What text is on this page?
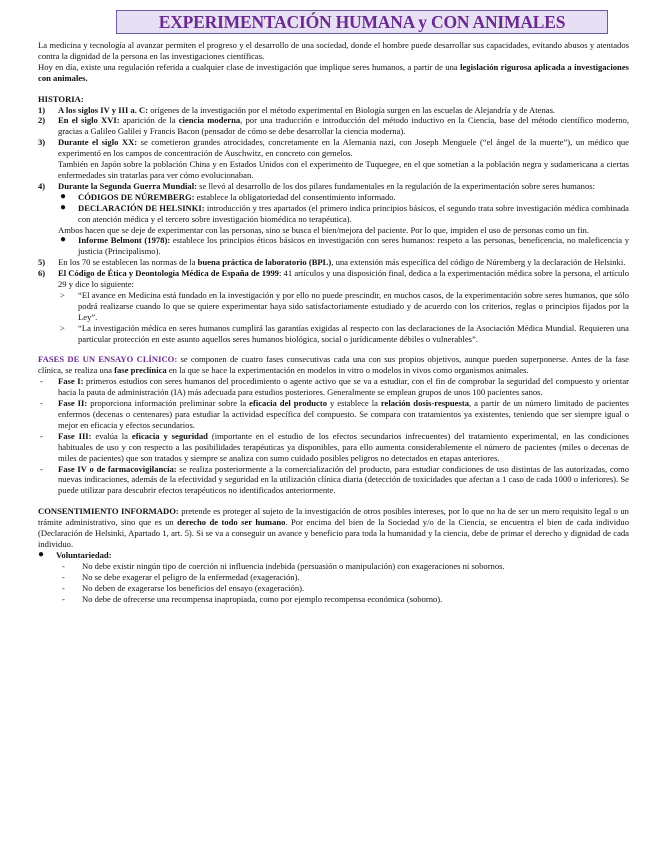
EXPERIMENTACIÓN HUMANA y CON ANIMALES

La medicina y tecnología al avanzar permiten el progreso y el desarrollo de una sociedad, donde el hombre puede desarrollar sus capacidades, evitando abusos y atentados contra la dignidad de la persona en las investigaciones científicas.

Hoy en día, existe una regulación referida a cualquier clase de investigación que implique seres humanos, a partir de una legislación rigurosa aplicada a investigaciones con animales.

HISTORIA:

1)	A los siglos IV y III a. C: orígenes de la investigación por el método experimental en Biología surgen en las escuelas de Alejandría y de Atenas.
2)	En el siglo XVI: aparición de la ciencia moderna, por una traducción e introducción del método inductivo en la Ciencia, base del método científico moderno, gracias a Galileo Galilei y Francis Bacon (pensador de cómo se debe desarrollar la ciencia moderna).
3)	Durante el siglo XX: se cometieron grandes atrocidades, concretamente en la Alemania nazi, con Joseph Menguele (“el ángel de la muerte”), un médico que experimentó en los campos de concentración de Auschwitz, en concreto con gemelos.

También en Japón sobre la población China y en Estados Unidos con el experimento de Tuquegee, en el que sometían a la población negra y sudamericana a ciertas enfermedades sin tratarlas para ver cómo evolucionaban.

4)	Durante la Segunda Guerra Mundial: se llevó al desarrollo de los dos pilares fundamentales en la regulación de la experimentación sobre seres humanos:
●	CÓDIGOS DE NÚREMBERG: establece la obligatoriedad del consentimiento informado.
●	DECLARACIÓN DE HELSINKI: introducción y tres apartados (el primero indica principios básicos, el segundo trata sobre investigación médica combinada con atención médica y el tercero sobre investigación biomédica no terapéutica).

Ambos hacen que se deje de experimentar con las personas, sino se busca el bien/mejora del paciente. Por lo que, impiden el uso de personas como un fin.

●	Informe Belmont (1978): establece los principios éticos básicos en investigación con seres humanos: respeto a las personas, beneficencia, no maleficencia y justicia (Principalismo).
5)	En los 70 se establecen las normas de la buena práctica de laboratorio (BPL), una extensión más específica del código de Núremberg y la declaración de Helsinki.
6)	El Código de Ética y Deontología Médica de España de 1999: 41 artículos y una disposición final, dedica a la experimentación médica sobre la persona, el artículo 29 y dice lo siguiente:
>	“El avance en Medicina está fundado en la investigación y por ello no puede prescindir, en muchos casos, de la experimentación sobre seres humanos, que sólo podrá realizarse cuando lo que se quiere experimentar haya sido satisfactoriamente estudiado y de acuerdo con los criterios, reglas o principios fijados por la Ley”.
>	“La investigación médica en seres humanos cumplirá las garantías exigidas al respecto con las declaraciones de la Asociación Médica Mundial. Requieren una particular protección en este asunto aquellos seres humanos biológica, social o jurídicamente débiles o vulnerables”.

FASES DE UN ENSAYO CLÍNICO: se componen de cuatro fases consecutivas cada una con sus propios objetivos, aunque pueden superponerse. Antes de la fase clínica, se realiza una fase preclínica en la que se hace la experimentación en modelos in vitro o modelos in vivos como organismos animales.

-	Fase I: primeros estudios con seres humanos del procedimiento o agente activo que se va a estudiar, con el fin de comprobar la seguridad del compuesto y orientar hacia la pauta de administración (IA) más adecuada para estudios posteriores. Generalmente se emplean grupos de unos 100 pacientes sanos.
-	Fase II: proporciona información preliminar sobre la eficacia del producto y establece la relación dosis-respuesta, a partir de un número limitado de pacientes enfermos (decenas o centenares) para estudiar la actividad específica del compuesto. Se compara con tratamientos ya existentes, teniendo que ser siempre igual o mejor en eficacia y efectos secundarios.
-	Fase III: evalúa la eficacia y seguridad (importante en el estudio de los efectos secundarios infrecuentes) del tratamiento experimental, en las condiciones habituales de uso y con respecto a las posibilidades terapéuticas ya disponibles, para ello aumenta considerablemente el número de pacientes (miles o decenas de miles de pacientes) que son tratados y siempre se analiza con sumo cuidado posibles peligros no detectados en etapas anteriores.
-	Fase IV o de farmacovigilancia: se realiza posteriormente a la comercialización del producto, para estudiar condiciones de uso distintas de las autorizadas, como nuevas indicaciones, además de la efectividad y seguridad en la utilización clínica diaria (detección de toxicidades que afectan a 1 caso de cada 1000 o inferiores). Se puede utilizar para descubrir efectos terapéuticos no identificados anteriormente.

CONSENTIMIENTO INFORMADO: pretende es proteger al sujeto de la investigación de otros posibles intereses, por lo que no ha de ser un mero requisito legal o un trámite administrativo, sino que es un derecho de todo ser humano. Por encima del bien de la Sociedad y/o de la Ciencia, se encuentra el bien de cada individuo (Declaración de Helsinki, Apartado 1, art. 5). Si se va a conseguir un avance y beneficio para toda la humanidad y la ciencia, debe de primar el derecho y dignidad de cada individuo.

●	Voluntariedad:
-	No debe existir ningún tipo de coerción ni influencia indebida (persuasión o manipulación) con exageraciones ni sobornos.
-	No se debe exagerar el peligro de la enfermedad (exageración).
-	No deben de exagerarse los beneficios del ensayo (exageración).
-	No debe de ofrecerse una recompensa inapropiada, como por ejemplo recompensa económica (soborno).
